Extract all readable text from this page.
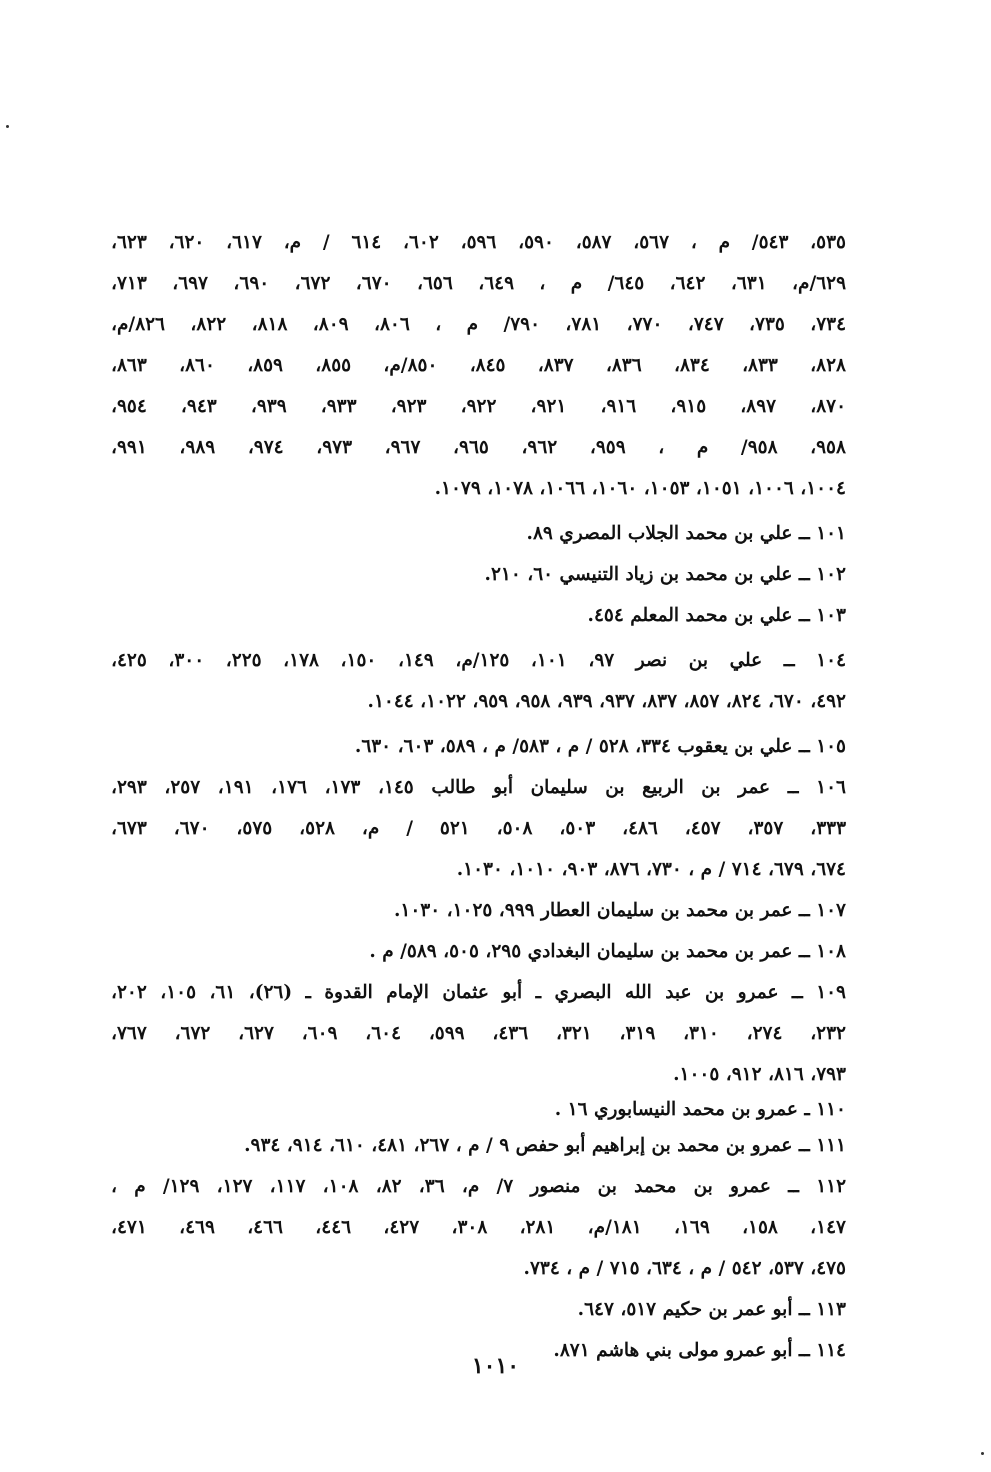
٥٣٥، ٥٤٣/ م ، ٥٦٧، ٥٨٧، ٥٩٠، ٥٩٦، ٦٠٢، ٦١٤ / م، ٦١٧، ٦٢٠، ٦٢٣،
٦٢٩/م، ٦٣١، ٦٤٢، ٦٤٥/ م ، ٦٤٩، ٦٥٦، ٦٧٠، ٦٧٢، ٦٩٠، ٦٩٧، ٧١٣،
٧٣٤، ٧٣٥، ٧٤٧، ٧٧٠، ٧٨١، ٧٩٠/ م ، ٨٠٦، ٨٠٩، ٨١٨، ٨٢٢، ٨٢٦/م،
٨٢٨، ٨٣٣، ٨٣٤، ٨٣٦، ٨٣٧، ٨٤٥، ٨٥٠/م، ٨٥٥، ٨٥٩، ٨٦٠، ٨٦٣،
٨٧٠، ٨٩٧، ٩١٥، ٩١٦، ٩٢١، ٩٢٢، ٩٢٣، ٩٣٣، ٩٣٩، ٩٤٣، ٩٥٤،
٩٥٨، ٩٥٨/ م ، ٩٥٩، ٩٦٢، ٩٦٥، ٩٦٧، ٩٧٣، ٩٧٤، ٩٨٩، ٩٩١،
١٠٠٤، ١٠٠٦، ١٠٥١، ١٠٥٣، ١٠٦٠، ١٠٦٦، ١٠٧٨، ١٠٧٩.
١٠١ ــ علي بن محمد الجلاب المصري ٨٩.
١٠٢ ــ علي بن محمد بن زياد التنيسي ٦٠، ٢١٠.
١٠٣ ــ علي بن محمد المعلم ٤٥٤.
١٠٤ ــ علي بن نصر ٩٧، ١٠١، ١٢٥/م، ١٤٩، ١٥٠، ١٧٨، ٢٢٥، ٣٠٠، ٤٢٥،
٤٩٢، ٦٧٠، ٨٢٤، ٨٥٧، ٨٣٧، ٩٣٧، ٩٣٩، ٩٥٨، ٩٥٩، ١٠٢٢، ١٠٤٤.
١٠٥ ــ علي بن يعقوب ٣٣٤، ٥٢٨ / م ، ٥٨٣/ م ، ٥٨٩، ٦٠٣، ٦٣٠.
١٠٦ ــ عمر بن الربيع بن سليمان أبو طالب ١٤٥، ١٧٣، ١٧٦، ١٩١، ٢٥٧، ٢٩٣،
٣٣٣، ٣٥٧، ٤٥٧، ٤٨٦، ٥٠٣، ٥٠٨، ٥٢١ / م، ٥٢٨، ٥٧٥، ٦٧٠، ٦٧٣،
٦٧٤، ٦٧٩، ٧١٤ / م ، ٧٣٠، ٨٧٦، ٩٠٣، ١٠١٠، ١٠٣٠.
١٠٧ ــ عمر بن محمد بن سليمان العطار ٩٩٩، ١٠٢٥، ١٠٣٠.
١٠٨ ــ عمر بن محمد بن سليمان البغدادي ٢٩٥، ٥٠٥، ٥٨٩/ م .
١٠٩ ــ عمرو بن عبد الله البصري ـ أبو عثمان الإمام القدوة ـ (٢٦)، ٦١، ١٠٥، ٢٠٢،
٢٣٢، ٢٧٤، ٣١٠، ٣١٩، ٣٢١، ٤٣٦، ٥٩٩، ٦٠٤، ٦٠٩، ٦٢٧، ٦٧٢، ٧٦٧،
٧٩٣، ٨١٦، ٩١٢، ١٠٠٥.
١١٠ ـ عمرو بن محمد النيسابوري ١٦ .
١١١ ــ عمرو بن محمد بن إبراهيم أبو حفص ٩ / م ، ٢٦٧، ٤٨١، ٦١٠، ٩١٤، ٩٣٤.
١١٢ ــ عمرو بن محمد بن منصور ٧/ م، ٣٦، ٨٢، ١٠٨، ١١٧، ١٢٧، ١٢٩/ م ،
١٤٧، ١٥٨، ١٦٩، ١٨١/م، ٢٨١، ٣٠٨، ٤٢٧، ٤٤٦، ٤٦٦، ٤٦٩، ٤٧١،
٤٧٥، ٥٣٧، ٥٤٢ / م ، ٦٣٤، ٧١٥ / م ، ٧٣٤.
١١٣ ــ أبو عمر بن حكيم ٥١٧، ٦٤٧.
١١٤ ــ أبو عمرو مولى بني هاشم ٨٧١.
١٠١٠
